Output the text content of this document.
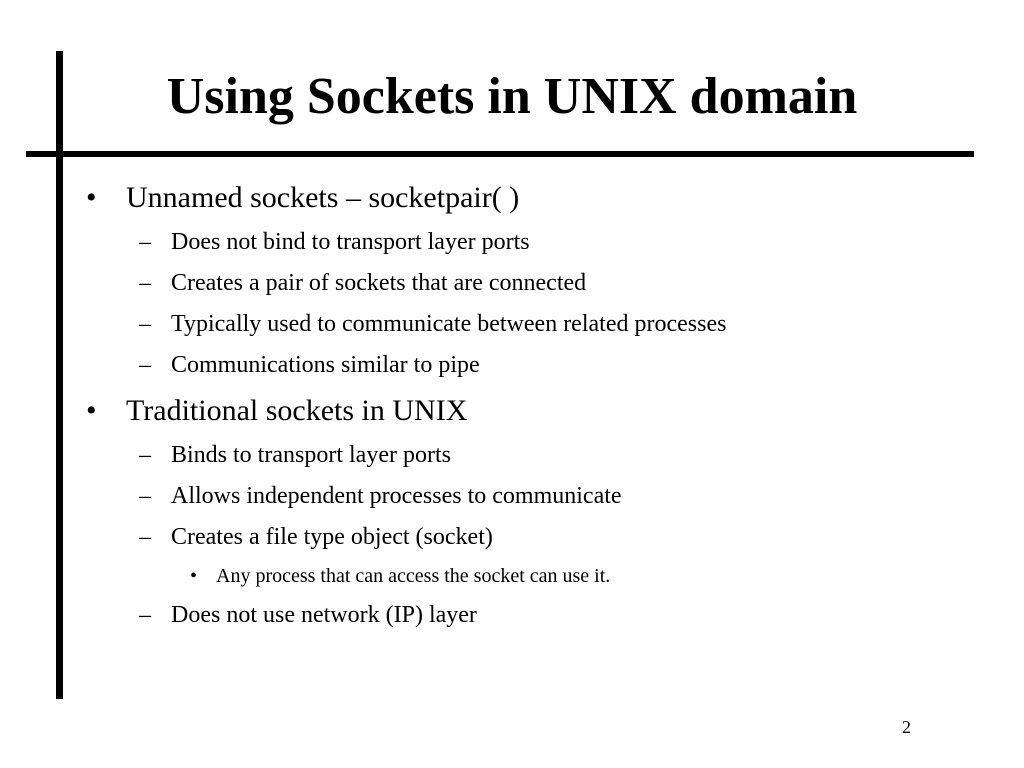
Using Sockets in UNIX domain
• Unnamed sockets – socketpair( )
– Does not bind to transport layer ports
– Creates a pair of sockets that are connected
– Typically used to communicate between related processes
– Communications similar to pipe
• Traditional sockets in UNIX
– Binds to transport layer ports
– Allows independent processes to communicate
– Creates a file type object (socket)
• Any process that can access the socket can use it.
– Does not use network (IP) layer
2
